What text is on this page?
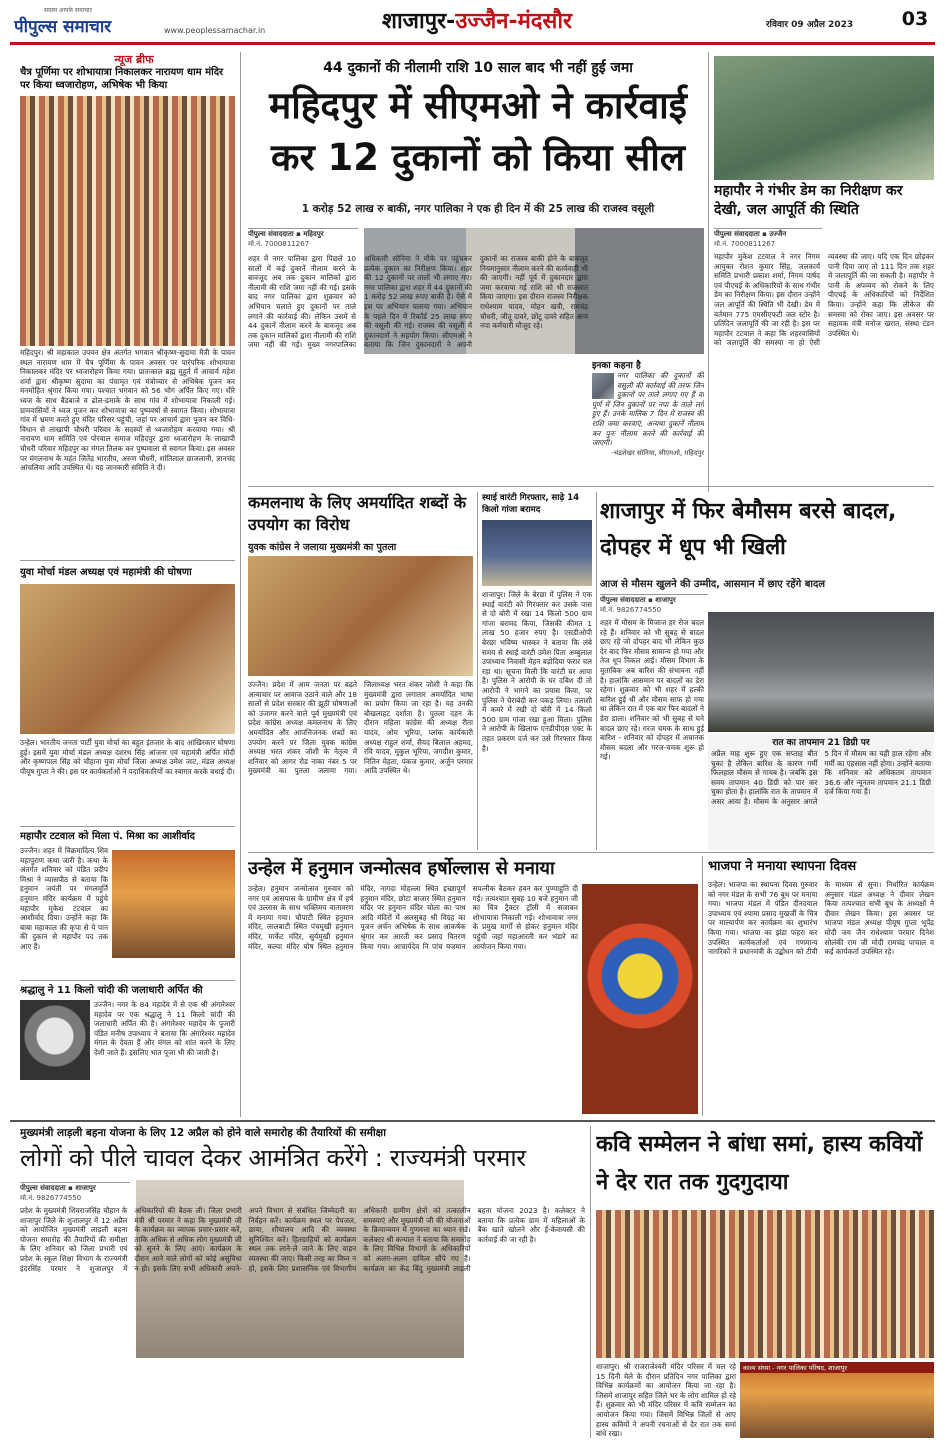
सदस्य आपके समाचार
पीपुल्स समाचार	www.peoplessamachar.in	शाजापुर-उज्जैन-मंदसौर	रविवार 09 अप्रैल 2023	03
न्यूज ब्रीफ
चैत्र पूर्णिमा पर शोभायात्रा निकालकर नारायण धाम मंदिर पर किया ध्वजारोहण, अभिषेक भी किया
महिदपुर। श्री महाकाल उपवन क्षेत्र अंतर्गत भगवान श्रीकृष्ण-सुदामा मैत्री के पावन स्थल नारायण धाम में चैत्र पूर्णिमा के पावन अवसर पर पारंपरिक शोभायात्रा निकालकर मंदिर पर ध्वजारोहण किया गया। प्रातःकाल ब्रह्म मुहूर्त में आचार्य महेश शर्मा द्वारा श्रीकृष्ण सुदामा का पंचामृत एवं मंत्रोच्चार से अभिषेक पूजन कर मनमोहित श्रृंगार किया गया। पश्चात भगवान को 56 भोग अर्पित किए गए। धीरे ध्वज के साथ बैंडबाजे व ढोल-ढमाके के साथ गांव में शोभायात्रा निकाली गई। ग्रामवासियों ने ध्वज पूजन कर शोभायात्रा का पुष्पवर्षा से स्वागत किया। शोभायात्रा गांव में भ्रमण करते हुए मंदिर परिसर पहुंची, जहां पर आचार्य द्वारा पूजन कर विधि-विधान से लाखापी चौधरी परिवार के सदस्यों से ध्वजारोहण करवाया गया। श्री नारायण धाम समिति एवं पोरवाल समाज महिदपुर द्वारा ध्वजारोहण के लाखापी चौधरी परिवार महिदपुर का मंगल तिलक कर पुष्पमाला से स्वागत किया। इस अवसर पर मंगलनाथ के महंत जितेंद्र भारतीय, अरुण चौधरी, शांतिलाल छाजलानी, ज्ञानचंद आंचलिया आदि उपस्थित थे। यह जानकारी समिति ने दी।
युवा मोर्चा मंडल अध्यक्ष एवं महामंत्री की घोषणा
उन्हेल। भारतीय जनता पार्टी युवा मोर्चा का बहुत इंतजार के बाद आखिरकार घोषणा हुई। इसमें युवा मोर्चा मंडल अध्यक्ष दशरथ सिंह आंजना एवं महामंत्री अर्पित मोदी और कृष्णपाल सिंह को चौहाना युवा मोर्चा जिला अध्यक्ष उमेश जाट, मंडल अध्यक्ष पीयूष गुप्ता ने की। इस पर कार्यकर्ताओं ने पदाधिकारियों का स्वागत करके बधाई दी।
महापौर टटवाल को मिला पं. मिश्रा का आशीर्वाद
उज्जैन। शहर में विक्रमादित्य शिव महापुराण कथा जारी है। कथा के अंतर्गत शनिवार को पंडित प्रदीप मिश्रा ने व्यासपीठ से बताया कि हनुमान जयंती पर मंगलमूर्ति हनुमान मंदिर कार्यक्रम में पहुंचे महापौर मुकेश टटवाल का आशीर्वाद दिया। उन्होंने कहा कि बाबा महाकाल की कृपा से ये पान की दुकान से महापौर पद तक आए हैं।
श्रद्धालु ने 11 किलो चांदी की जलाधारी अर्पित की
उज्जैन। नगर के 84 महादेव में से एक श्री अंगारेश्वर महादेव पर एक श्रद्धालु ने 11 किलो चांदी की जलाधारी अर्पित की है। अंगारेश्वर महादेव के पुजारी पंडित मनीष उपाध्याय ने बताया कि अंगारेश्वर महादेव मंगल के देवता हैं और मंगल को शांत करने के लिए देशी जाते हैं। इसलिए भात पूजा भी की जाती है।
44 दुकानों की नीलामी राशि 10 साल बाद भी नहीं हुई जमा
महिदपुर में सीएमओ ने कार्रवाई कर 12 दुकानों को किया सील
1 करोड़ 52 लाख रु बाकी, नगर पालिका ने एक ही दिन में की 25 लाख की राजस्व वसूली
पीपुल्स संवाददाता ▪ महिदपुर
मो.नं. 7000811267
शहर में नगर पालिका द्वारा पिछले 10 सालों में कई दुकानें नीलाम करने के बावजूद अब तक दुकान मालिकों द्वारा नीलामी की राशि जमा नहीं की गई। इसके बाद नगर पालिका द्वारा शुक्रवार को अभियान चलाते हुए दुकानों पर ताले लगाने की कार्रवाई की। लेकिन उसमें से 44 दुकानें नीलाम करने के बावजूद अब तक दुकान मालिकों द्वारा नीलामी की राशि जमा नहीं की गई। मुख्य नगरपालिका अधिकारी सोनिया ने मौके पर पहुंचकर प्रत्येक दुकान का निरीक्षण किया। शहर की 12 दुकानों पर तालों भी लगाए गए। नगर पालिका द्वारा शहर में 44 दुकानों की 1 करोड़ 52 लाख रुपए बाकी हैं। ऐसे में इस पर अभियान चलाया गया। अभियान के पहले दिन में रिकॉर्ड 25 लाख रुपए की वसूली की गई। राजस्व की वसूली में दुकानदारों ने सहयोग किया। सीएमओ ने बताया कि जिन दुकानदारों ने अपनी दुकानों का राजस्व बाकी होने के बावजूद नियमानुसार नीलाम करने की कार्यवाही भी की जाएगी। नहीं पूर्व में दुकानदार द्वारा जमा करवाया गई राशि को भी राजसात किया जाएगा। इस दौरान राजस्व निरीक्षक राधेश्याम यादव, मोहन खत्री, रामचंद्र चौधरी, जीतू दावरे, छोटू दावरे सहित अन्य नपा कर्मचारी मौजूद रहे।
इनका कहना है
नगर पालिका की दुकानों की वसूली की कार्रवाई की तरफ जिन दुकानों पर ताले लगाए गए हैं वा पूर्ण में जिन दुकानों पर नपा के ताले लगे हुए हैं। उनके मालिक 7 दिन में राजस्व की राशि जमा करवाएं, अन्यथा दुकानें नीलाम कर पुनः नीलाम करने की कार्रवाई की जाएगी।
-चंद्रशेखर सोनिया, सीएमओ, महिदपुर
महापौर ने गंभीर डेम का निरीक्षण कर देखी, जल आपूर्ति की स्थिति
पीपुल्स संवाददाता ▪ उज्जैन
मो.नं. 7000811267
महापौर मुकेश टटवाल ने नगर निगम आयुक्त रोशन कुमार सिंह, जलकार्य समिति प्रभारी प्रकाश शर्मा, निगम पार्षद एवं पीएचई के अधिकारियों के साथ गंभीर डेम का निरीक्षण किया। इस दौरान उन्होंने जल आपूर्ति की स्थिति भी देखी। डेम में वर्तमान 775 एमसीएफटी जल स्टोर है। प्रतिदिन जलापूर्ति की जा रही है। इस पर महापौर टटवाल ने कहा कि शहरवासियों को जलापूर्ति की समस्या ना हो ऐसी व्यवस्था की जाए। यदि एक दिन छोड़कर पानी दिया जाए तो 111 दिन तक शहर में जलापूर्ति की जा सकती है। महापौर ने पानी के अपव्यय को रोकने के लिए पीएचई के अधिकारियों को निर्देशित किया। उन्होंने कहा कि लीकेज की समस्या को रोका जाए। इस अवसर पर सहायक यंत्री मनोज खरात, संस्था टंडन उपस्थित थे।
कमलनाथ के लिए अमर्यादित शब्दों के उपयोग का विरोध
युवक कांग्रेस ने जलाया मुख्यमंत्री का पुतला
उज्जैन। प्रदेश में आम जनता पर बढ़ते अत्याचार पर आवाज उठाने वाले और 18 सालों से प्रदेश सरकार की झूठी घोषणाओं को उजागर करने वाले पूर्व मुख्यमंत्री एवं प्रदेश कांग्रेस अध्यक्ष कमलनाथ के लिए अमर्यादित और आपत्तिजनक शब्दों का उपयोग करने पर जिला युवक कांग्रेस अध्यक्ष भरत शंकर जोशी के नेतृत्व में शनिवार को आगर रोड नाका नंबर 5 पर मुख्यमंत्री का पुतला जलाया गया। जिलाध्यक्ष भरत शंकर जोशी ने कहा कि मुख्यमंत्री द्वारा लगातार अमर्यादित भाषा का प्रयोग किया जा रहा है। यह उनकी बौखलाहट दर्शाता है। पुतला दहन के दौरान महिला कांग्रेस की अध्यक्ष रीता यादव, ओम भूरिया, प्लांक कार्यकारी अध्यक्ष राहुल शर्मा, सैयद बिलाल अहमद, रवि यादव, मुकुल भूरिया, जगदीश कुमार, नितिन मेहता, पंकज कुमार, अर्जुन परमार आदि उपस्थित थे।
स्थाई वारंटी गिरफ्तार, साढ़े 14 किलो गांजा बरामद
शाजापुर। जिले के बेरछा में पुलिस ने एक स्थाई वारंटी को गिरफ्तार कर उसके पास से दो बोरी में रखा 14 किलो 500 ग्राम गांजा बरामद किया, जिसकी कीमत 1 लाख 50 हजार रुपए है। एसडीओपी बेरछा भविष्य भास्कर ने बताया कि लंबे समय से स्थाई वारंटी उमेश पिता अम्बुलाल उपाध्याय निवासी मेहन बड़ोदिया फरार चल रहा था। सूचना मिली कि वारंटी घर आया है। पुलिस ने आरोपी के घर दबिश दी तो आरोपी ने भागने का प्रयास किया, पर पुलिस ने घेराबंदी कर पकड़ लिया। तलाशी में कमरे में रखी दो बोरी में 14 किलो 500 ग्राम गांजा रखा हुआ मिला। पुलिस ने आरोपी के खिलाफ एनडीपीएस एक्ट के तहत प्रकरण दर्ज कर उसे गिरफ्तार किया है।
शाजापुर में फिर बेमौसम बरसे बादल, दोपहर में धूप भी खिली
आज से मौसम खुलने की उम्मीद, आसमान में छाए रहेंगे बादल
पीपुल्स संवाददाता ▪ शाजापुर
मो.नं. 9826774550
शहर में मौसम के मिजाज हर रोज बदल रहे हैं। शनिवार को भी सुबह से बादल छाए रहे जो दोपहर बाद भी लेकिन कुछ देर बाद फिर मौसम सामान्य हो गया और तेज धूप निकल आई। मौसम विभाग के मुताबिक अब बारिश की संभावना नहीं है। हालांकि आसमान पर बादलों का डेरा रहेगा। शुक्रवार को भी शहर में हल्की बारिश हुई थी और मौसम साफ हो गया था लेकिन रात में एक बार फिर बादलों ने डेरा डाला। शनिवार को भी सुबह से घने बादल छाए रहे। गरज चमक के साथ हुई बारिश - शनिवार को दोपहर में अचानक मौसम बदला और गरज-चमक शुरू हो गई।
रात का तापमान 21 डिग्री पर
अप्रैल माह शुरू हुए एक सप्ताह बीत चुका है लेकिन बारिश के कारण गर्मी फिलहाल मौसम से गायब है। जबकि इस समय तापमान 40 डिग्री को पार कर चुका होता है। हालांकि रात के तापमान में असर आया है। मौसम के अनुसार अगले 5 दिन में मौसम का यही हाल रहेगा और गर्मी का एहसास नहीं होगा। उन्होंने बताया कि शनिवार को अधिकतम तापमान 36.6 और न्यूनतम तापमान 21.1 डिग्री दर्ज किया गया है।
उन्हेल में हनुमान जन्मोत्सव हर्षोल्लास से मनाया
उन्हेल। हनुमान जन्मोत्सव गुरुवार को नगर एवं आसपास के ग्रामीण क्षेत्र में हर्ष एवं उल्लास के साथ भक्तिमय वातावरण में मनाया गया। चौपाटी स्थित हनुमान मंदिर, लालबाटी स्थित पंचमुखी हनुमान मंदिर, मार्केट मंदिर, सुर्यमुखी हनुमान मंदिर, कल्पा मंदिर घोष स्थित हनुमान मंदिर, नागदा मोहल्ला स्थित इच्छापूर्ण हनुमान मंदिर, छोटा बाजार स्थित हनुमान मंदिर पर हनुमान मंदिर चोला का पाथ आदि मंदिरों में अलसुबह श्री विग्रह का पूजन अर्चन अभिषेक के साथ आकर्षक श्रृंगार कर आरती कर प्रसाद वितरण किया गया। आचार्यदेव नि पांच यजमान सपत्नीक बैठकर हवन कर पुण्याहुति दी गई। तत्पश्चात सुबह 10 बजे हनुमान जी का चित्र ट्रैक्टर ट्रॉली में सजाकर शोभायात्रा निकाली गई। शोभायात्रा नगर के प्रमुख मार्गों से होकर हनुमान मंदिर पहुंची जहां महाआरती कर भंडारे का आयोजन किया गया।
भाजपा ने मनाया स्थापना दिवस
उन्हेल। भाजपा का स्थापना दिवस गुरुवार को नगर मंडल के सभी 76 बूथ पर मनाया गया। भाजपा मंडल में पंडित दीनदयाल उपाध्याय एवं श्यामा प्रसाद मुखर्जी के चित्र पर माल्यार्पण कर कार्यक्रम का शुभारंभ किया गया। भाजपा का झंडा फहरा कर उपस्थित कार्यकर्ताओं एवं गणमान्य नागरिकों ने प्रधानमंत्री के उद्बोधन को टीवी के माध्यम से सुना। निर्धारित कार्यक्रम अनुसार मंडल अध्यक्ष ने दीवार लेखन किया तत्पश्चात सभी बूथ के अध्यक्षों ने दीवार लेखन किया। इस अवसर पर भाजपा मंडल अध्यक्ष पीयूष गुप्ता भूपेंद्र मोदी जय जैन राधेश्याम परमार दिनेश सोलंकी राम जी मोदी रामचंद्र पाचाल व कई कार्यकर्ता उपस्थित रहे।
मुख्यमंत्री लाड़ली बहना योजना के लिए 12 अप्रैल को होने वाले समारोह की तैयारियों की समीक्षा
लोगों को पीले चावल देकर आमंत्रित करेंगे : राज्यमंत्री परमार
पीपुल्स संवाददाता ▪ शाजापुर
मो.नं. 9826774550
प्रदेश के मुख्यमंत्री शिवराजसिंह चौहान के शाजापुर जिले के शुजालपुर में 12 अप्रैल को आयोजित मुख्यमंत्री लाड़ली बहना योजना समारोह की तैयारियों की समीक्षा के लिए शनिवार को जिला प्रभारी एवं प्रदेश के स्कूल शिक्षा विभाग के राज्यमंत्री इंदरसिंह परमार ने शुजालपुर में अधिकारियों की बैठक ली। जिला प्रभारी मंत्री श्री परमार ने कहा कि मुख्यमंत्री जी के कार्यक्रम का व्यापक प्रचार-प्रसार करें, ताकि अधिक से अधिक लोग मुख्यमंत्री जी को सुनने के लिए आएं। कार्यक्रम के दौरान आने वाले लोगों को कोई असुविधा न हो। इसके लिए सभी अधिकारी अपने-अपने विभाग से संबंधित जिम्मेदारी का निर्वहन करें। कार्यक्रम स्थल पर पेयजल, छाया, शौचालय आदि की व्यवस्था सुनिश्चित करें। हितग्राहियों को कार्यक्रम स्थल तक लाने-ले जाने के लिए वाहन व्यवस्था की जाए। किसी तरह का विघ्न न हो, इसके लिए प्रशासनिक एवं विभागीय अधिकारी ग्रामीण क्षेत्रों को तत्कालीन समस्याएं और मुख्यमंत्री जी की योजनाओं के क्रियान्वयन में गुणवत्ता का ध्यान रखें। कलेक्टर श्री कन्याल ने बताया कि समारोह के लिए विभिन्न विभागों के अधिकारियों को अलग-अलग दायित्व सौंपे गए हैं। कार्यक्रम का केंद्र बिंदु मुख्यमंत्री लाड़ली बहना योजना 2023 है। कलेक्टर ने बताया कि प्रत्येक ग्राम में महिलाओं के बैंक खाते खोलने और ई-केवायसी की कार्रवाई की जा रही है।
कवि सम्मेलन ने बांधा समां, हास्य कवियों ने देर रात तक गुदगुदाया
शाजापुर। श्री राजराजेश्वरी मंदिर परिसर में चल रहे 15 दिनी मेले के दौरान प्रतिदिन नगर पालिका द्वारा विभिन्न कार्यक्रमों का आयोजन किया जा रहा है। जिसमें शाजापुर सहित जिले भर के लोग शामिल हो रहे हैं। शुक्रवार को भी मंदिर परिसर में कवि सम्मेलन का आयोजन किया गया। जिसमें विभिन्न जिलों से आए हास्य कवियों ने अपनी रचनाओं से देर रात तक समां बांधे रखा।
काव्य संध्या - नगर पालिका परिषद, शाजापुर
